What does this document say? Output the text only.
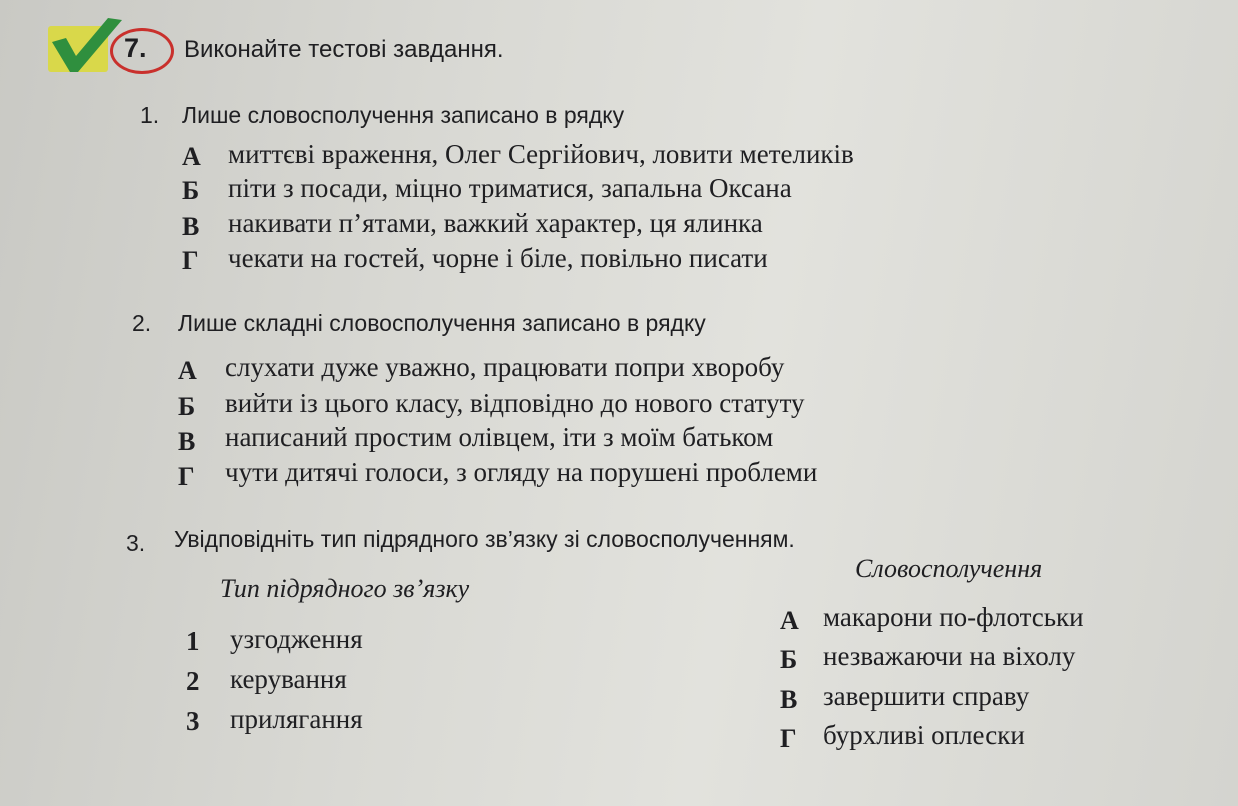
7. Виконайте тестові завдання.
1. Лише словосполучення записано в рядку
А миттєві враження, Олег Сергійович, ловити метеликів
Б піти з посади, міцно триматися, запальна Оксана
В накивати п’ятами, важкий характер, ця ялинка
Г чекати на гостей, чорне і біле, повільно писати
2. Лише складні словосполучення записано в рядку
А слухати дуже уважно, працювати попри хворобу
Б вийти із цього класу, відповідно до нового статуту
В написаний простим олівцем, іти з моїм батьком
Г чути дитячі голоси, з огляду на порушені проблеми
3. Увідповідніть тип підрядного зв’язку зі словосполученням.
Тип підрядного зв’язку
Словосполучення
1 узгодження
2 керування
3 прилягання
А макарони по-флотськи
Б незважаючи на віхолу
В завершити справу
Г бурхливі оплески
